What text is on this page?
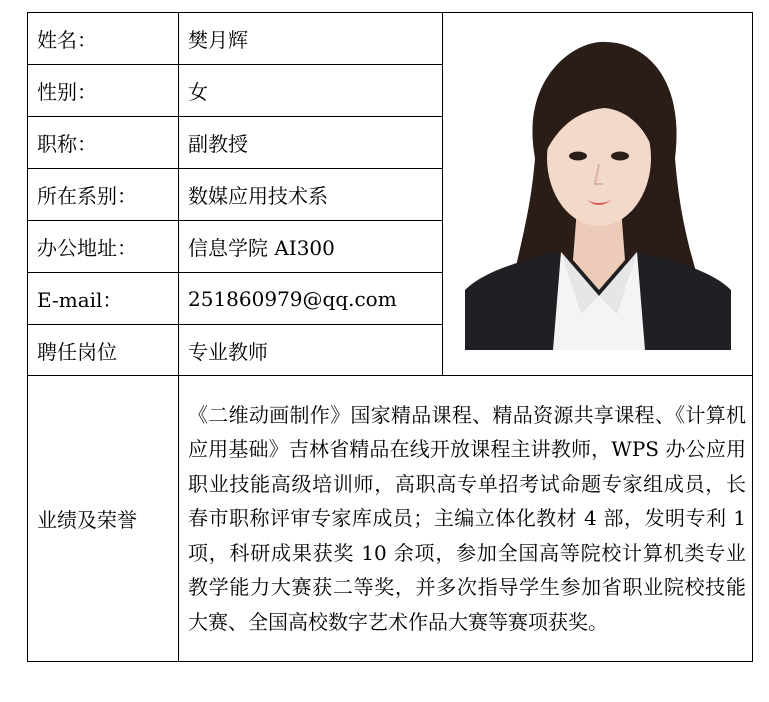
姓名：	樊月辉	

性别：	女	
职称：	副教授	
所在系别：	数媒应用技术系	
办公地址：	信息学院 AI300	
E-mail：	251860979@qq.com	
聘任岗位	专业教师	
业绩及荣誉	《二维动画制作》国家精品课程、精品资源共享课程、《计算机应用基础》吉林省精品在线开放课程主讲教师，WPS 办公应用职业技能高级培训师，高职高专单招考试命题专家组成员，长春市职称评审专家库成员；主编立体化教材 4 部，发明专利 1 项，科研成果获奖 10 余项，参加全国高等院校计算机类专业教学能力大赛获二等奖，并多次指导学生参加省职业院校技能大赛、全国高校数字艺术作品大赛等赛项获奖。	
